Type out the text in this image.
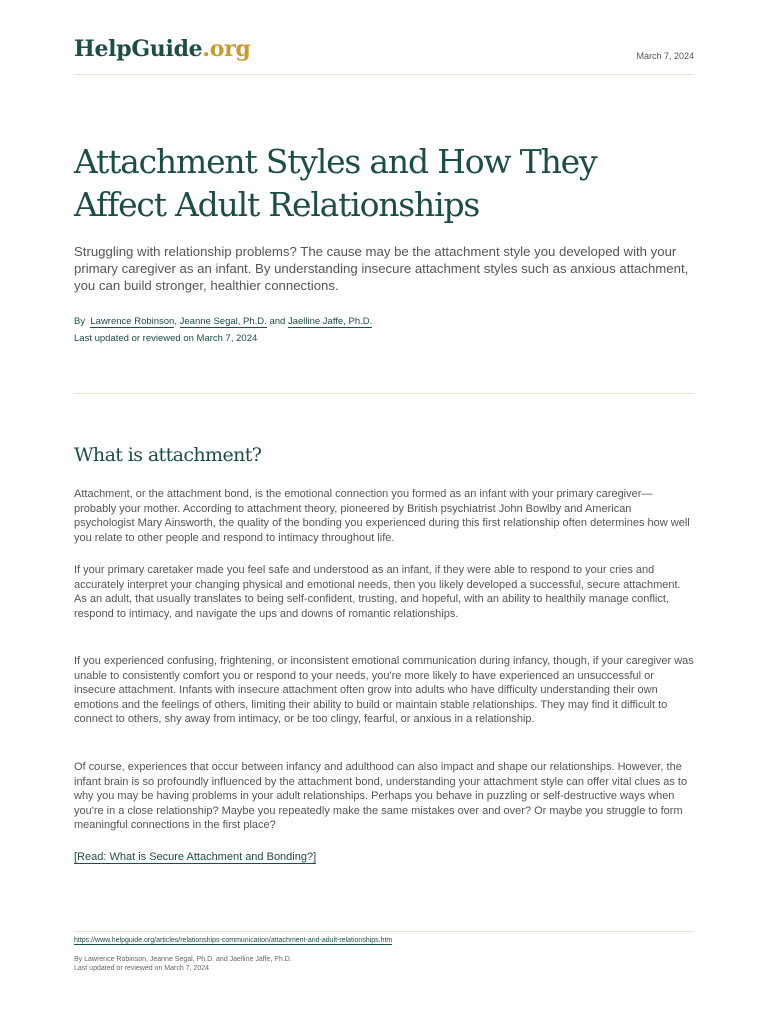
HelpGuide.org	March 7, 2024
Attachment Styles and How They Affect Adult Relationships

Struggling with relationship problems? The cause may be the attachment style you developed with your primary caregiver as an infant. By understanding insecure attachment styles such as anxious attachment, you can build stronger, healthier connections.

By Lawrence Robinson, Jeanne Segal, Ph.D. and Jaelline Jaffe, Ph.D.
Last updated or reviewed on March 7, 2024
What is attachment?

Attachment, or the attachment bond, is the emotional connection you formed as an infant with your primary caregiver—probably your mother. According to attachment theory, pioneered by British psychiatrist John Bowlby and American psychologist Mary Ainsworth, the quality of the bonding you experienced during this first relationship often determines how well you relate to other people and respond to intimacy throughout life.

If your primary caretaker made you feel safe and understood as an infant, if they were able to respond to your cries and accurately interpret your changing physical and emotional needs, then you likely developed a successful, secure attachment. As an adult, that usually translates to being self-confident, trusting, and hopeful, with an ability to healthily manage conflict, respond to intimacy, and navigate the ups and downs of romantic relationships.

If you experienced confusing, frightening, or inconsistent emotional communication during infancy, though, if your caregiver was unable to consistently comfort you or respond to your needs, you're more likely to have experienced an unsuccessful or insecure attachment. Infants with insecure attachment often grow into adults who have difficulty understanding their own emotions and the feelings of others, limiting their ability to build or maintain stable relationships. They may find it difficult to connect to others, shy away from intimacy, or be too clingy, fearful, or anxious in a relationship.

Of course, experiences that occur between infancy and adulthood can also impact and shape our relationships. However, the infant brain is so profoundly influenced by the attachment bond, understanding your attachment style can offer vital clues as to why you may be having problems in your adult relationships. Perhaps you behave in puzzling or self-destructive ways when you're in a close relationship? Maybe you repeatedly make the same mistakes over and over? Or maybe you struggle to form meaningful connections in the first place?

[Read: What is Secure Attachment and Bonding?]
https://www.helpguide.org/articles/relationships-communication/attachment-and-adult-relationships.htm
By Lawrence Robinson, Jeanne Segal, Ph.D. and Jaelline Jaffe, Ph.D.
Last updated or reviewed on March 7, 2024
